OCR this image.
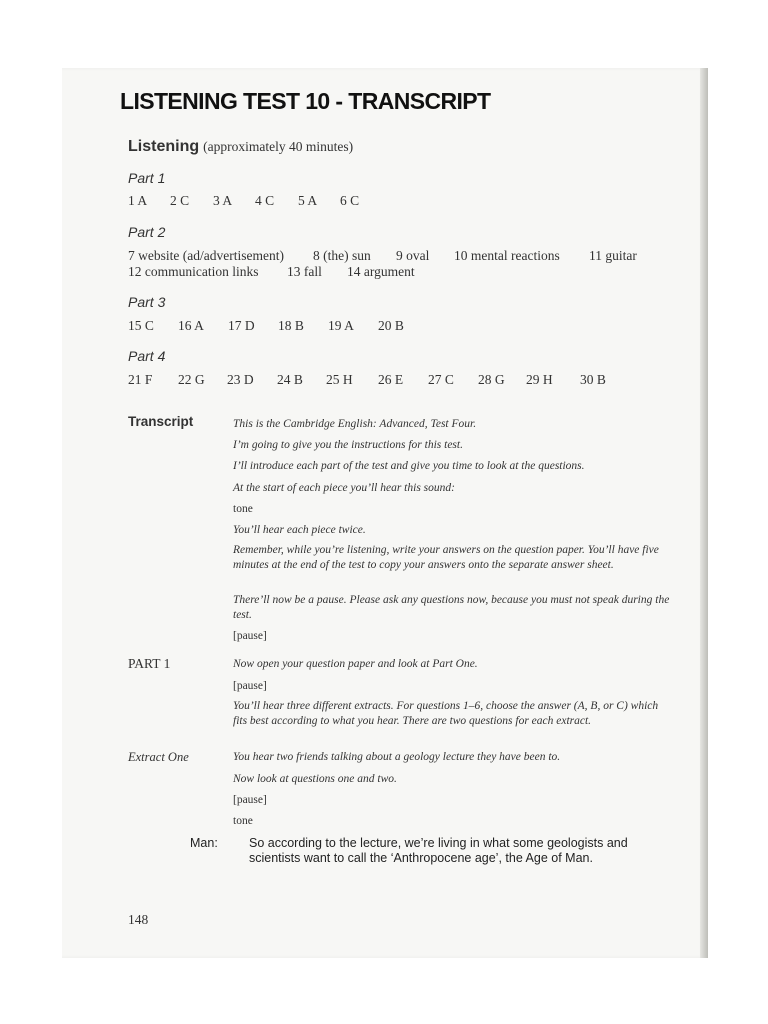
LISTENING TEST 10 - TRANSCRIPT

Listening (approximately 40 minutes)

Part 1

1 A 2 C 3 A 4 C 5 A 6 C

Part 2

7 website (ad/advertisement) 8 (the) sun 9 oval 10 mental reactions 11 guitar
12 communication links 13 fall 14 argument

Part 3

15 C 16 A 17 D 18 B 19 A 20 B

Part 4

21 F 22 G 23 D 24 B 25 H 26 E 27 C 28 G 29 H 30 B

Transcript	This is the Cambridge English: Advanced, Test Four.

I’m going to give you the instructions for this test.

I’ll introduce each part of the test and give you time to look at the questions.

At the start of each piece you’ll hear this sound:

tone

You’ll hear each piece twice.

Remember, while you’re listening, write your answers on the question paper. You’ll have five minutes at the end of the test to copy your answers onto the separate answer sheet.

There’ll now be a pause. Please ask any questions now, because you must not speak during the test.

[pause]

PART 1	Now open your question paper and look at Part One.

[pause]

You’ll hear three different extracts. For questions 1–6, choose the answer (A, B, or C) which fits best according to what you hear. There are two questions for each extract.

Extract One	You hear two friends talking about a geology lecture they have been to.

Now look at questions one and two.

[pause]

tone

Man: So according to the lecture, we’re living in what some geologists and scientists want to call the ‘Anthropocene age’, the Age of Man.

148
